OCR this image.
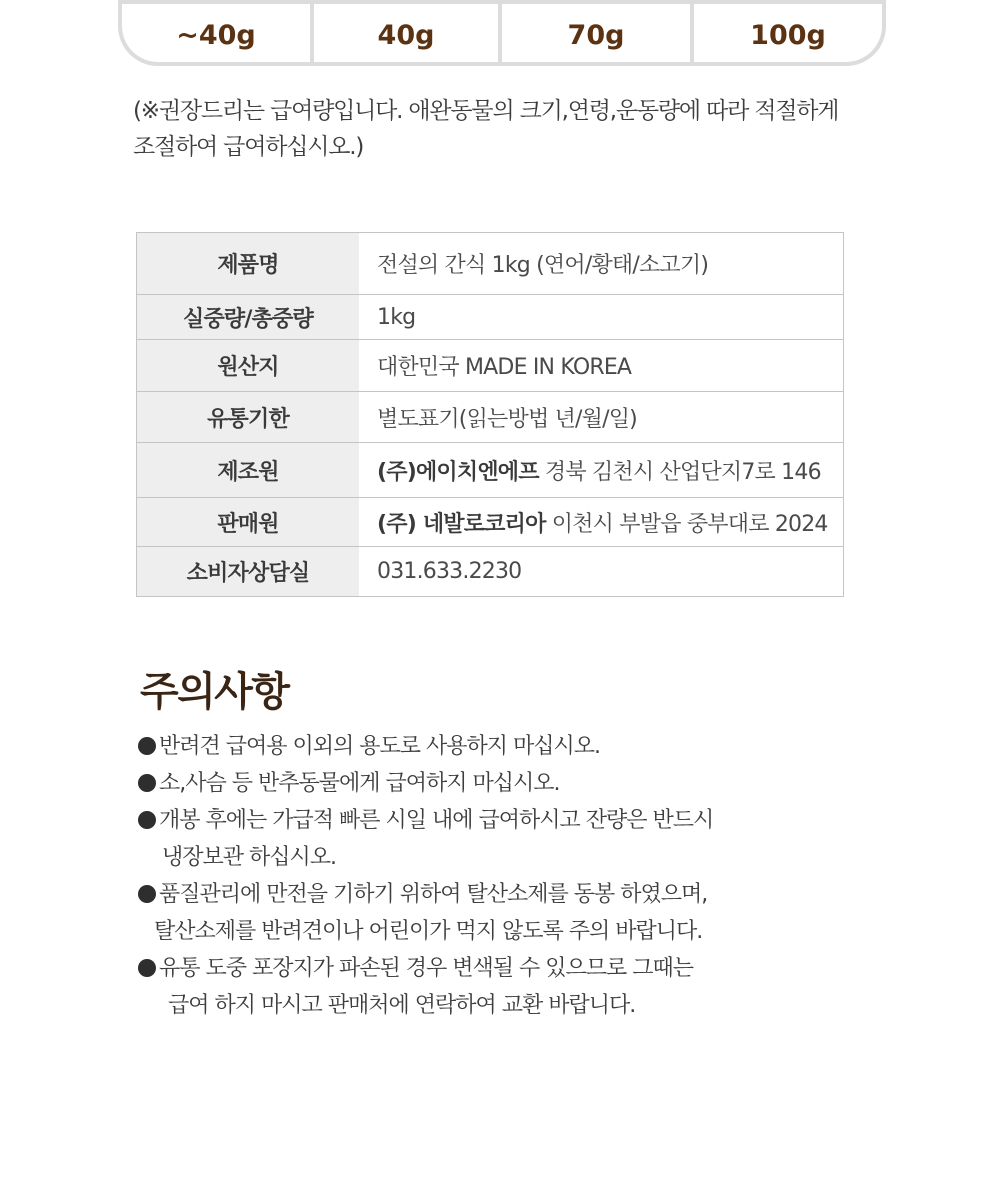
~40g	40g	70g	100g
(※권장드리는 급여량입니다. 애완동물의 크기,연령,운동량에 따라 적절하게
조절하여 급여하십시오.)
제품명	전설의 간식 1kg (연어/황태/소고기)
실중량/총중량	1kg
원산지	대한민국 MADE IN KOREA
유통기한	별도표기(읽는방법 년/월/일)
제조원	(주)에이치엔에프 경북 김천시 산업단지7로 146
판매원	(주) 네발로코리아 이천시 부발읍 중부대로 2024
소비자상담실	031.633.2230
주의사항
반려견 급여용 이외의 용도로 사용하지 마십시오.
소,사슴 등 반추동물에게 급여하지 마십시오.
개봉 후에는 가급적 빠른 시일 내에 급여하시고 잔량은 반드시
냉장보관 하십시오.
품질관리에 만전을 기하기 위하여 탈산소제를 동봉 하였으며,
탈산소제를 반려견이나 어린이가 먹지 않도록 주의 바랍니다.
유통 도중 포장지가 파손된 경우 변색될 수 있으므로 그때는
급여 하지 마시고 판매처에 연락하여 교환 바랍니다.
